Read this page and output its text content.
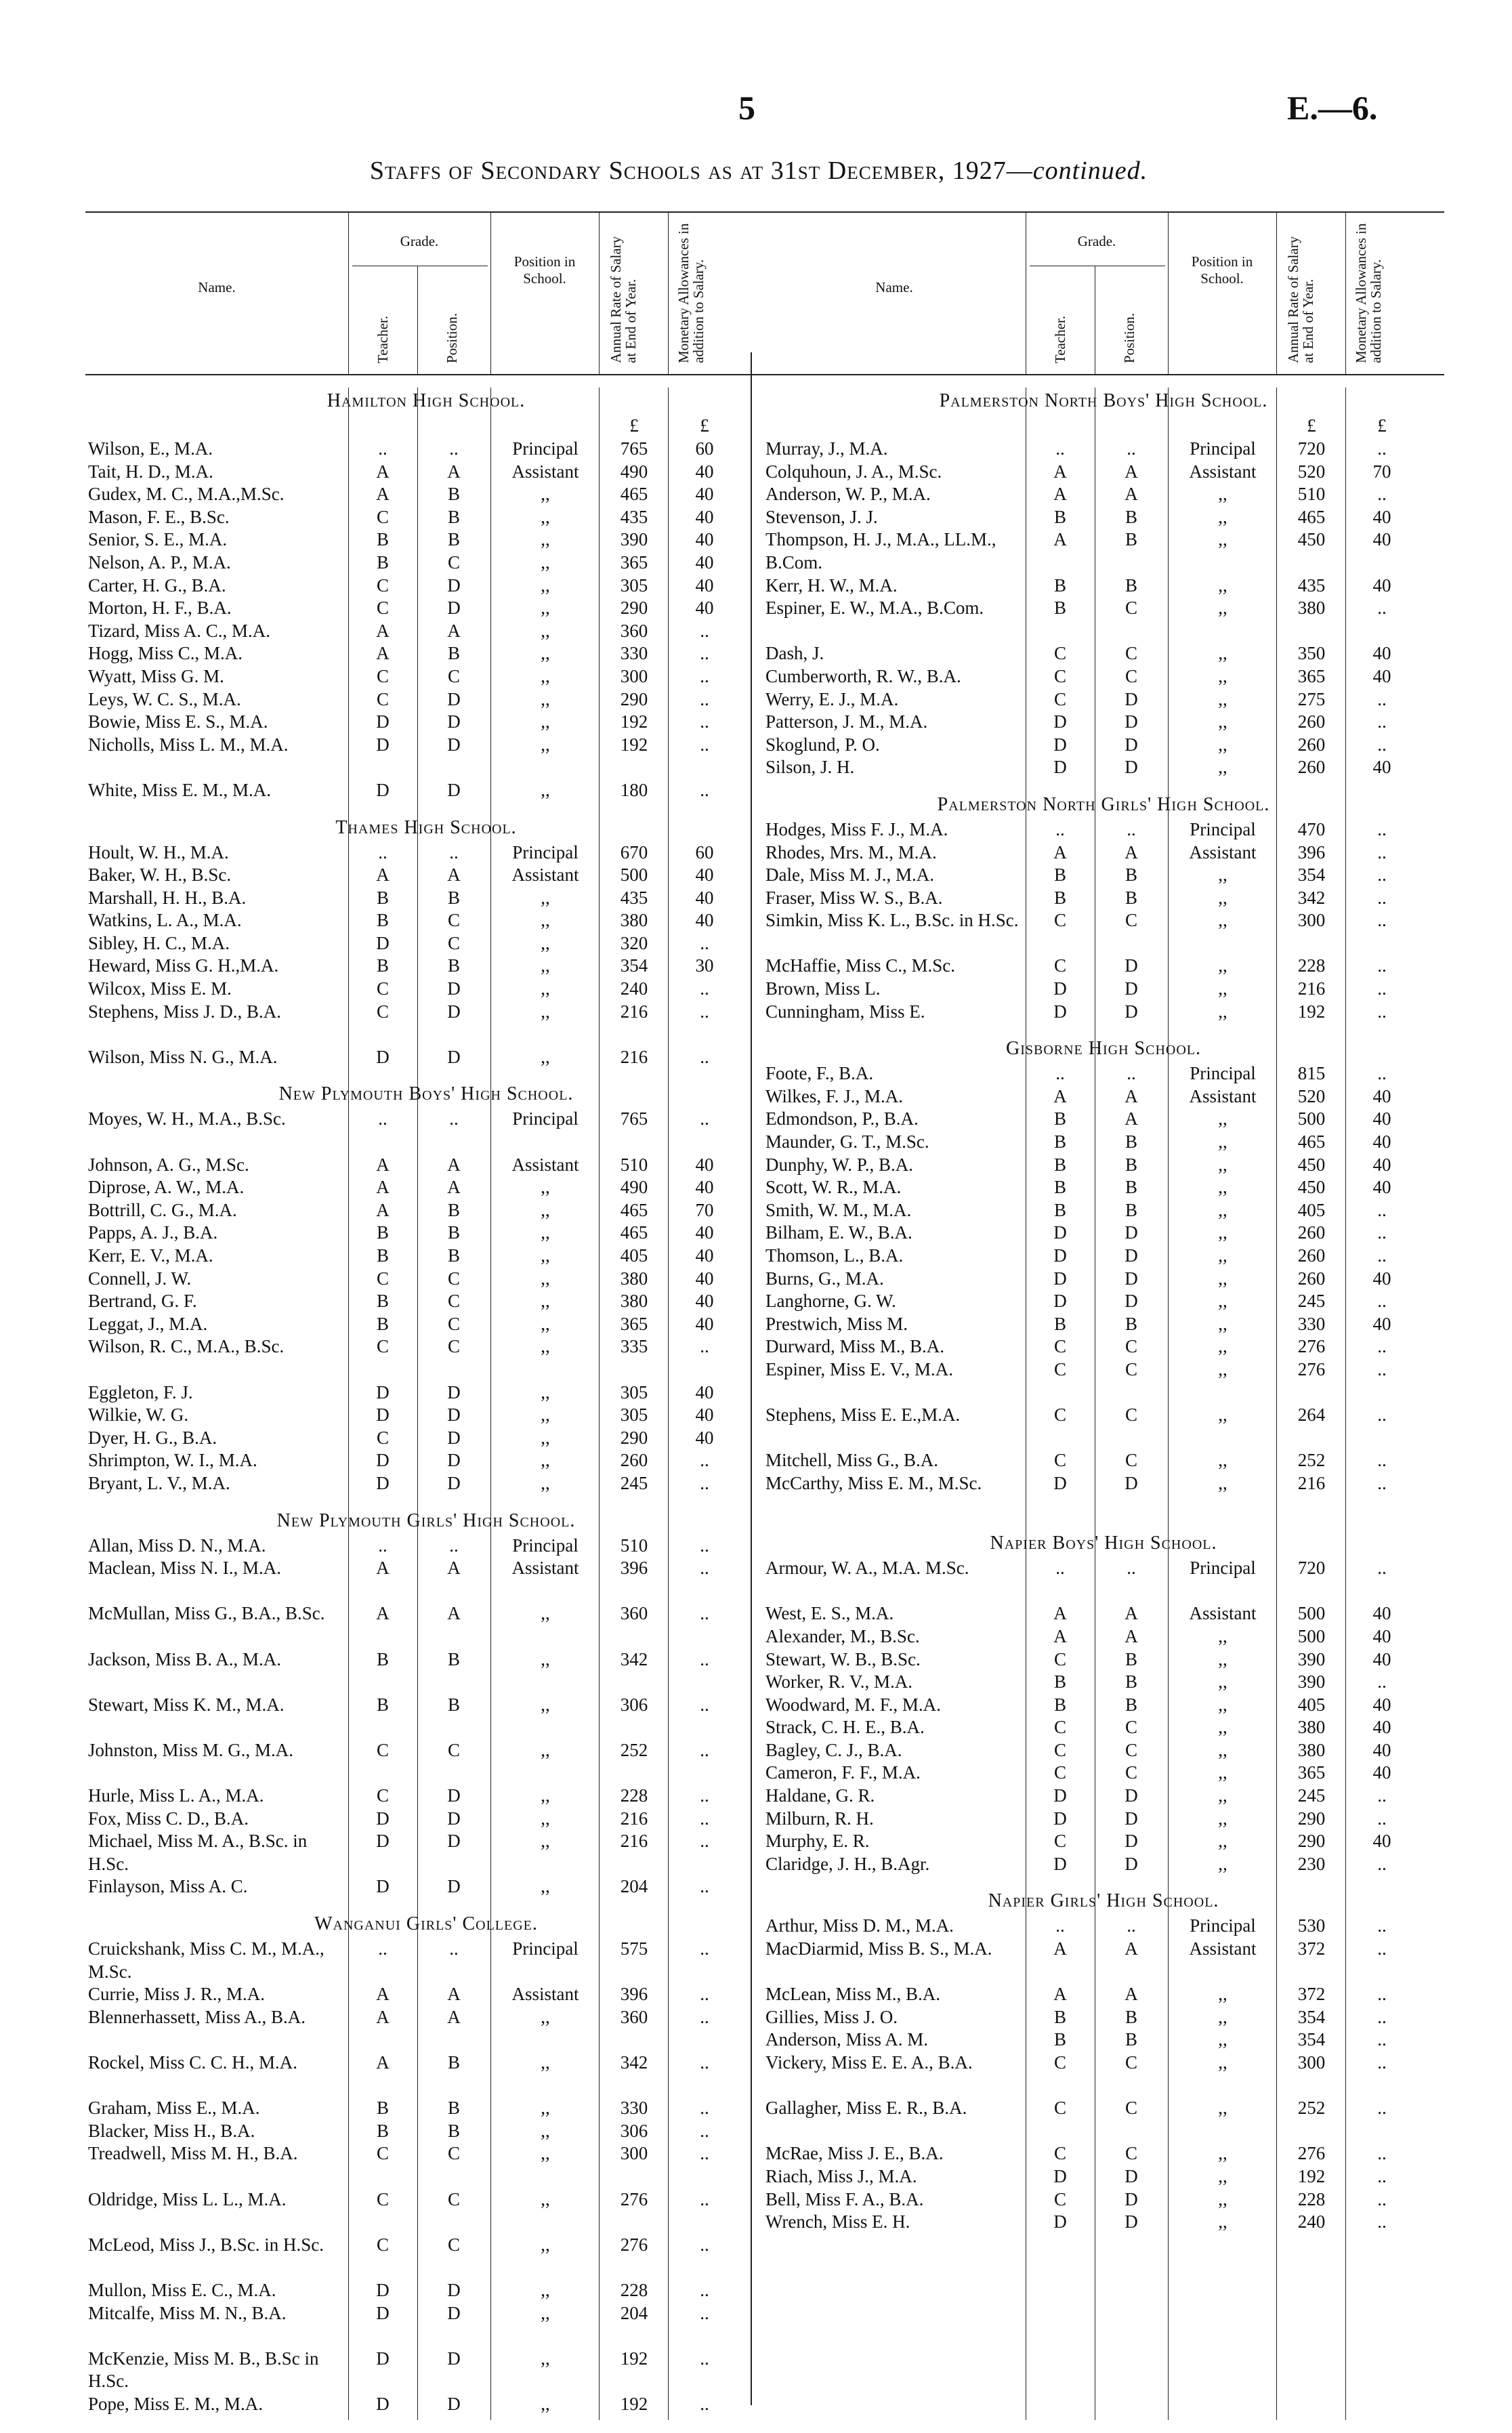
5	E.—6.
Staffs of Secondary Schools as at 31st December, 1927—continued.
Name.
Grade.
Teacher.	Position.
Position in School.	Annual Rate of Salary at End of Year.	Monetary Allowances in addition to Salary.
Hamilton High School.
£	£
Wilson, E., M.A.	..	..	Principal	765	60
Tait, H. D., M.A.	A	A	Assistant	490	40
Gudex, M. C., M.A.,M.Sc.	A	B	,,	465	40
Mason, F. E., B.Sc.	C	B	,,	435	40
Senior, S. E., M.A.	B	B	,,	390	40
Nelson, A. P., M.A.	B	C	,,	365	40
Carter, H. G., B.A.	C	D	,,	305	40
Morton, H. F., B.A.	C	D	,,	290	40
Tizard, Miss A. C., M.A.	A	A	,,	360	..
Hogg, Miss C., M.A.	A	B	,,	330	..
Wyatt, Miss G. M.	C	C	,,	300	..
Leys, W. C. S., M.A.	C	D	,,	290	..
Bowie, Miss E. S., M.A.	D	D	,,	192	..
Nicholls, Miss L. M., M.A.	D	D	,,	192	..
White, Miss E. M., M.A.	D	D	,,	180	..
Thames High School.
Hoult, W. H., M.A.	..	..	Principal	670	60
Baker, W. H., B.Sc.	A	A	Assistant	500	40
Marshall, H. H., B.A.	B	B	,,	435	40
Watkins, L. A., M.A.	B	C	,,	380	40
Sibley, H. C., M.A.	D	C	,,	320	..
Heward, Miss G. H.,M.A.	B	B	,,	354	30
Wilcox, Miss E. M.	C	D	,,	240	..
Stephens, Miss J. D., B.A.	C	D	,,	216	..
Wilson, Miss N. G., M.A.	D	D	,,	216	..
New Plymouth Boys' High School.
Moyes, W. H., M.A., B.Sc.	..	..	Principal	765	..
Johnson, A. G., M.Sc.	A	A	Assistant	510	40
Diprose, A. W., M.A.	A	A	,,	490	40
Bottrill, C. G., M.A.	A	B	,,	465	70
Papps, A. J., B.A.	B	B	,,	465	40
Kerr, E. V., M.A.	B	B	,,	405	40
Connell, J. W.	C	C	,,	380	40
Bertrand, G. F.	B	C	,,	380	40
Leggat, J., M.A.	B	C	,,	365	40
Wilson, R. C., M.A., B.Sc.	C	C	,,	335	..
Eggleton, F. J.	D	D	,,	305	40
Wilkie, W. G.	D	D	,,	305	40
Dyer, H. G., B.A.	C	D	,,	290	40
Shrimpton, W. I., M.A.	D	D	,,	260	..
Bryant, L. V., M.A.	D	D	,,	245	..
New Plymouth Girls' High School.
Allan, Miss D. N., M.A.	..	..	Principal	510	..
Maclean, Miss N. I., M.A.	A	A	Assistant	396	..
McMullan, Miss G., B.A., B.Sc.	A	A	,,	360	..
Jackson, Miss B. A., M.A.	B	B	,,	342	..
Stewart, Miss K. M., M.A.	B	B	,,	306	..
Johnston, Miss M. G., M.A.	C	C	,,	252	..
Hurle, Miss L. A., M.A.	C	D	,,	228	..
Fox, Miss C. D., B.A.	D	D	,,	216	..
Michael, Miss M. A., B.Sc. in H.Sc.
D	D	,,	216	..
Finlayson, Miss A. C.	D	D	,,	204	..
Wanganui Girls' College.
Cruickshank, Miss C. M., M.A., M.Sc.
..	..	Principal	575	..
Currie, Miss J. R., M.A.	A	A	Assistant	396	..
Blennerhassett, Miss A., B.A.	A	A	,,	360	..
Rockel, Miss C. C. H., M.A.	A	B	,,	342	..
Graham, Miss E., M.A.	B	B	,,	330	..
Blacker, Miss H., B.A.	B	B	,,	306	..
Treadwell, Miss M. H., B.A.	C	C	,,	300	..
Oldridge, Miss L. L., M.A.	C	C	,,	276	..
McLeod, Miss J., B.Sc. in H.Sc.	C	C	,,	276	..
Mullon, Miss E. C., M.A.	D	D	,,	228	..
Mitcalfe, Miss M. N., B.A.	D	D	,,	204	..
McKenzie, Miss M. B., B.Sc in H.Sc.
D	D	,,	192	..
Pope, Miss E. M., M.A.	D	D	,,	192	..
Name.
Grade.
Teacher.	Position.
Position in School.	Annual Rate of Salary at End of Year.	Monetary Allowances in addition to Salary.
Palmerston North Boys' High School.
£	£
Murray, J., M.A.	..	..	Principal	720	..
Colquhoun, J. A., M.Sc.	A	A	Assistant	520	70
Anderson, W. P., M.A.	A	A	,,	510	..
Stevenson, J. J.	B	B	,,	465	40
Thompson, H. J., M.A., LL.M., B.Com.
A	B	,,	450	40
Kerr, H. W., M.A.	B	B	,,	435	40
Espiner, E. W., M.A., B.Com.	B	C	,,	380	..
Dash, J.	C	C	,,	350	40
Cumberworth, R. W., B.A.	C	C	,,	365	40
Werry, E. J., M.A.	C	D	,,	275	..
Patterson, J. M., M.A.	D	D	,,	260	..
Skoglund, P. O.	D	D	,,	260	..
Silson, J. H.	D	D	,,	260	40
Palmerston North Girls' High School.
Hodges, Miss F. J., M.A.	..	..	Principal	470	..
Rhodes, Mrs. M., M.A.	A	A	Assistant	396	..
Dale, Miss M. J., M.A.	B	B	,,	354	..
Fraser, Miss W. S., B.A.	B	B	,,	342	..
Simkin, Miss K. L., B.Sc. in H.Sc.	C	C	,,	300	..
McHaffie, Miss C., M.Sc.	C	D	,,	228	..
Brown, Miss L.	D	D	,,	216	..
Cunningham, Miss E.	D	D	,,	192	..
Gisborne High School.
Foote, F., B.A.	..	..	Principal	815	..
Wilkes, F. J., M.A.	A	A	Assistant	520	40
Edmondson, P., B.A.	B	A	,,	500	40
Maunder, G. T., M.Sc.	B	B	,,	465	40
Dunphy, W. P., B.A.	B	B	,,	450	40
Scott, W. R., M.A.	B	B	,,	450	40
Smith, W. M., M.A.	B	B	,,	405	..
Bilham, E. W., B.A.	D	D	,,	260	..
Thomson, L., B.A.	D	D	,,	260	..
Burns, G., M.A.	D	D	,,	260	40
Langhorne, G. W.	D	D	,,	245	..
Prestwich, Miss M.	B	B	,,	330	40
Durward, Miss M., B.A.	C	C	,,	276	..
Espiner, Miss E. V., M.A.	C	C	,,	276	..
Stephens, Miss E. E.,M.A.	C	C	,,	264	..
Mitchell, Miss G., B.A.	C	C	,,	252	..
McCarthy, Miss E. M., M.Sc.	D	D	,,	216	..
Napier Boys' High School.
Armour, W. A., M.A. M.Sc.	..	..	Principal	720	..
West, E. S., M.A.	A	A	Assistant	500	40
Alexander, M., B.Sc.	A	A	,,	500	40
Stewart, W. B., B.Sc.	C	B	,,	390	40
Worker, R. V., M.A.	B	B	,,	390	..
Woodward, M. F., M.A.	B	B	,,	405	40
Strack, C. H. E., B.A.	C	C	,,	380	40
Bagley, C. J., B.A.	C	C	,,	380	40
Cameron, F. F., M.A.	C	C	,,	365	40
Haldane, G. R.	D	D	,,	245	..
Milburn, R. H.	D	D	,,	290	..
Murphy, E. R.	C	D	,,	290	40
Claridge, J. H., B.Agr.	D	D	,,	230	..
Napier Girls' High School.
Arthur, Miss D. M., M.A.	..	..	Principal	530	..
MacDiarmid, Miss B. S., M.A.	A	A	Assistant	372	..
McLean, Miss M., B.A.	A	A	,,	372	..
Gillies, Miss J. O.	B	B	,,	354	..
Anderson, Miss A. M.	B	B	,,	354	..
Vickery, Miss E. E. A., B.A.	C	C	,,	300	..
Gallagher, Miss E. R., B.A.	C	C	,,	252	..
McRae, Miss J. E., B.A.	C	C	,,	276	..
Riach, Miss J., M.A.	D	D	,,	192	..
Bell, Miss F. A., B.A.	C	D	,,	228	..
Wrench, Miss E. H.	D	D	,,	240	..
